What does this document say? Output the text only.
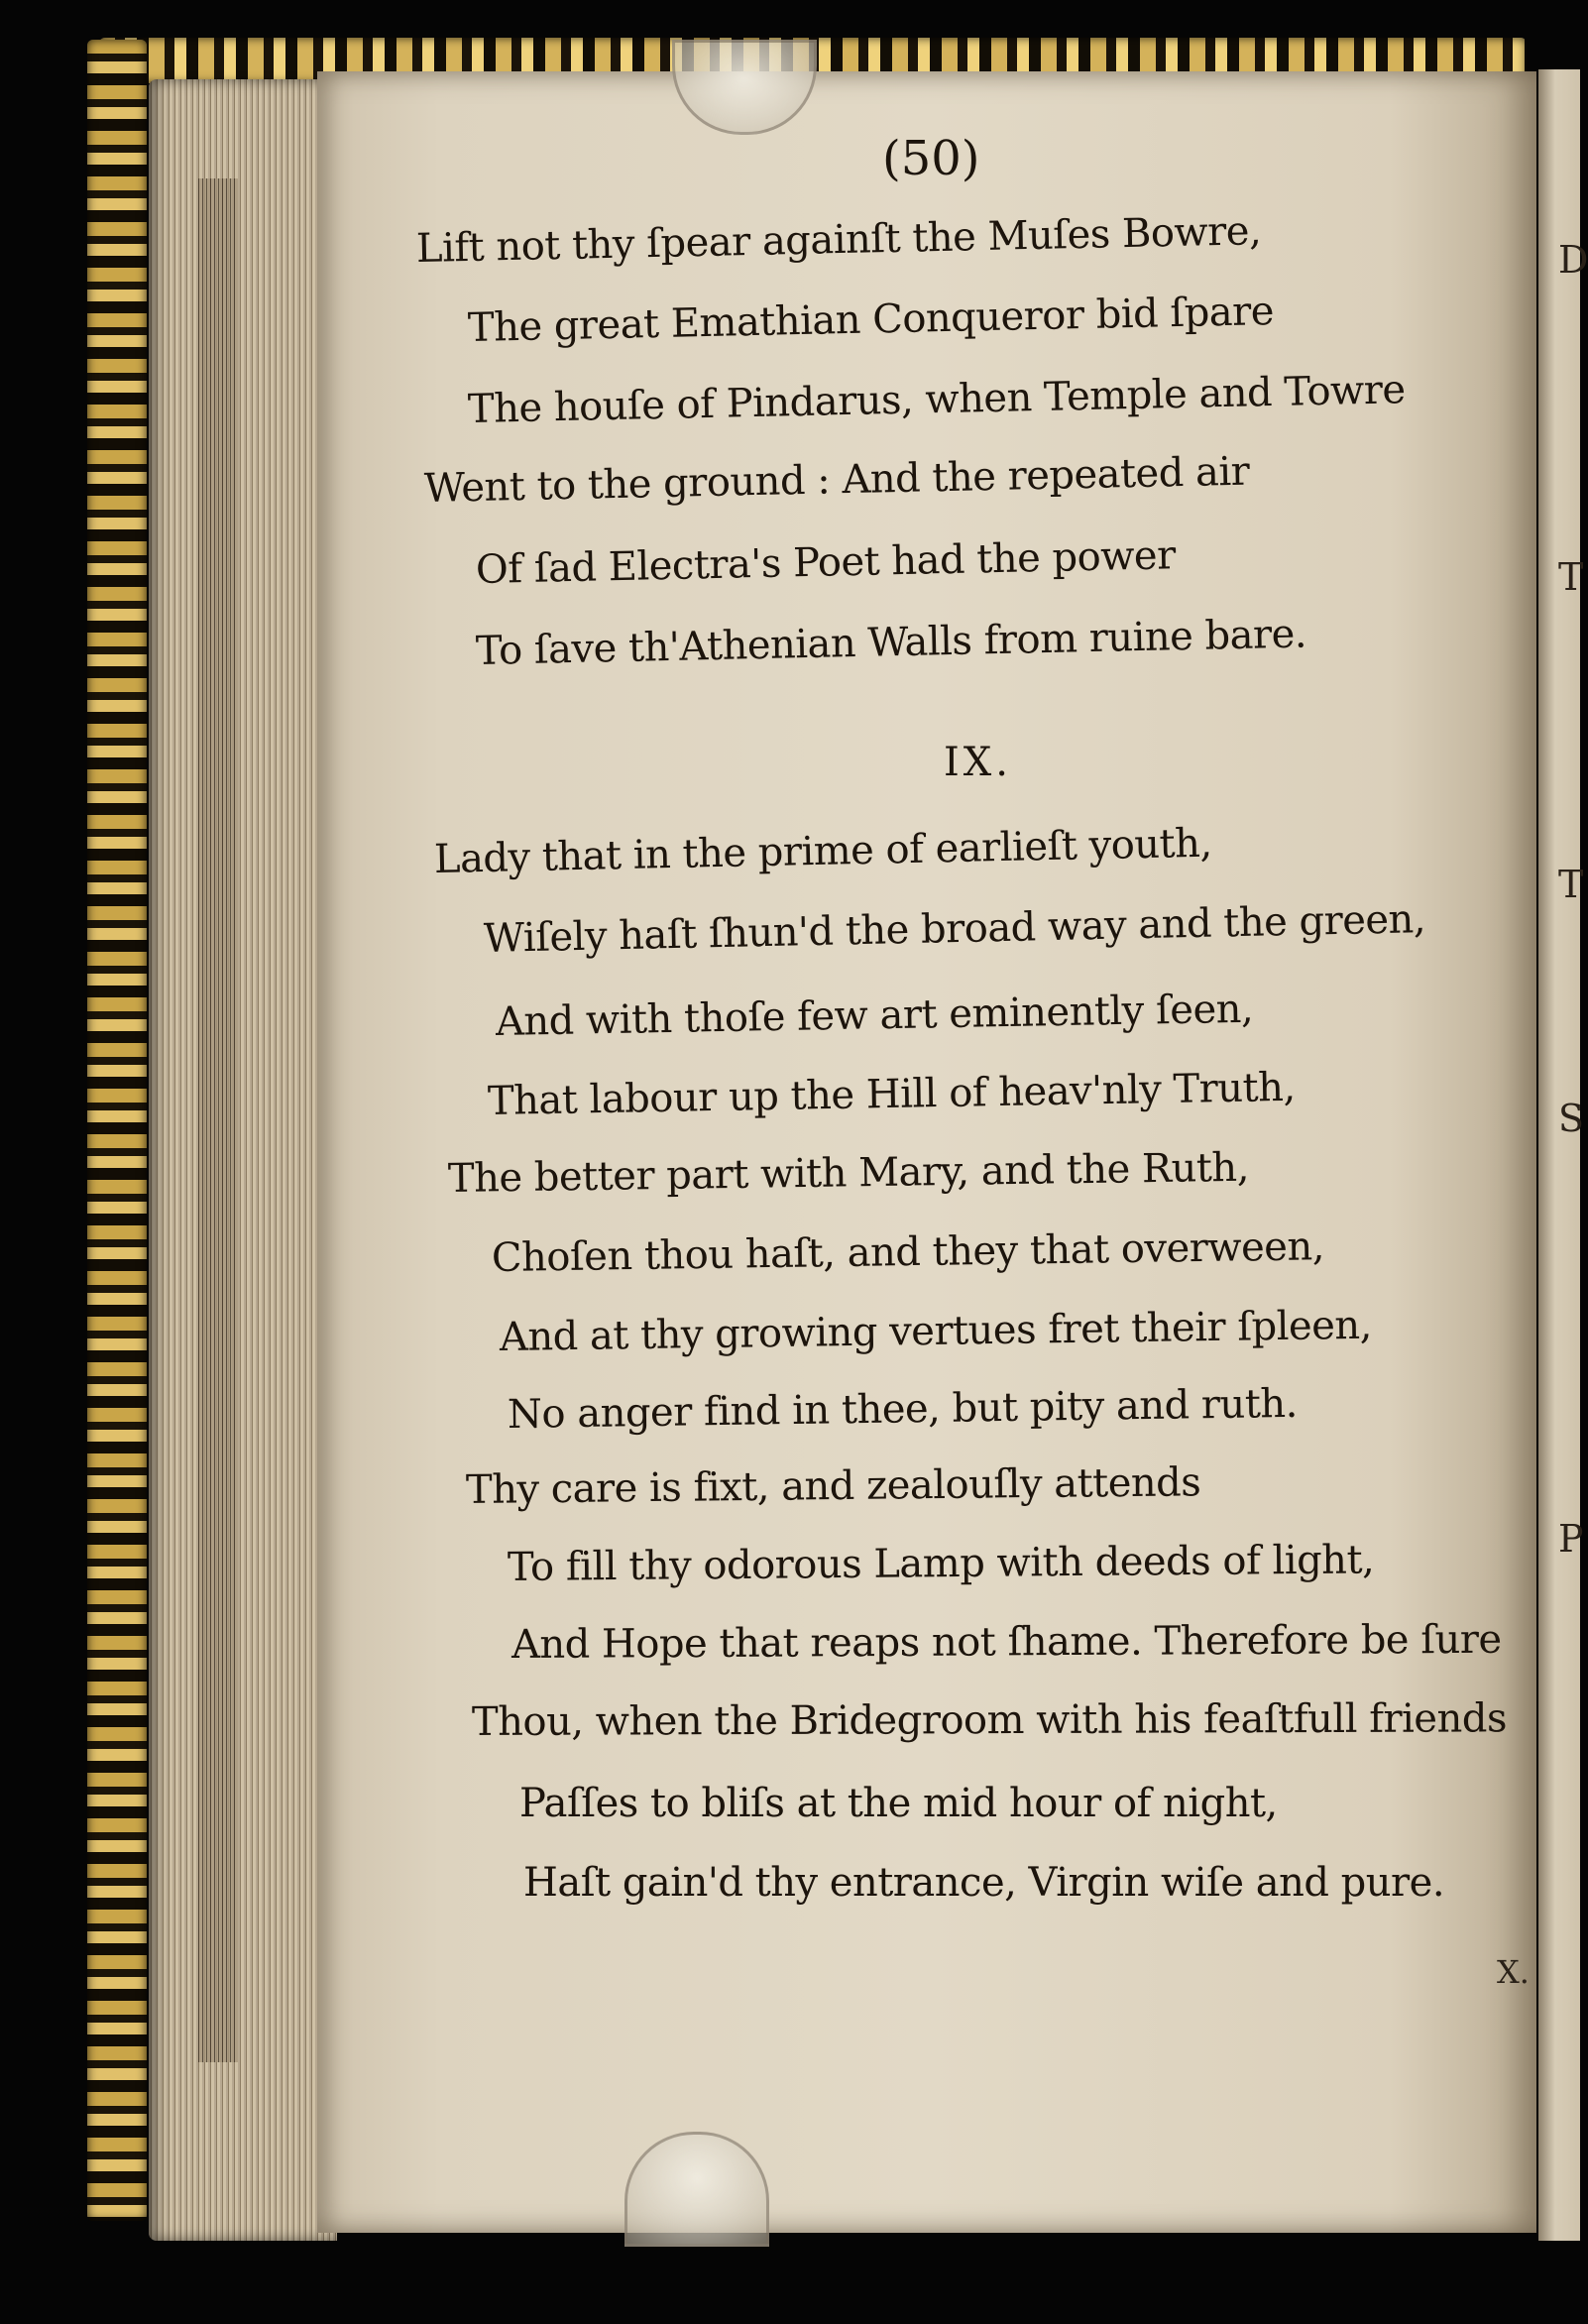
(50)
Lift not thy ſpear againſt the Muſes Bowre,
The great Emathian Conqueror bid ſpare
The houſe of Pindarus, when Temple and Towre
Went to the ground : And the repeated air
Of ſad Electra's Poet had the power
To ſave th'Athenian Walls from ruine bare.
IX.
Lady that in the prime of earlieſt youth,
Wiſely haſt ſhun'd the broad way and the green,
And with thoſe few art eminently ſeen,
That labour up the Hill of heav'nly Truth,
The better part with Mary, and the Ruth,
Choſen thou haſt, and they that overween,
And at thy growing vertues fret their ſpleen,
No anger find in thee, but pity and ruth.
Thy care is fixt, and zealouſly attends
To fill thy odorous Lamp with deeds of light,
And Hope that reaps not ſhame. Therefore be ſure
Thou, when the Bridegroom with his feaſtfull friends
Paſſes to bliſs at the mid hour of night,
Haſt gain'd thy entrance, Virgin wiſe and pure.
D
T
T
S
P
X.
